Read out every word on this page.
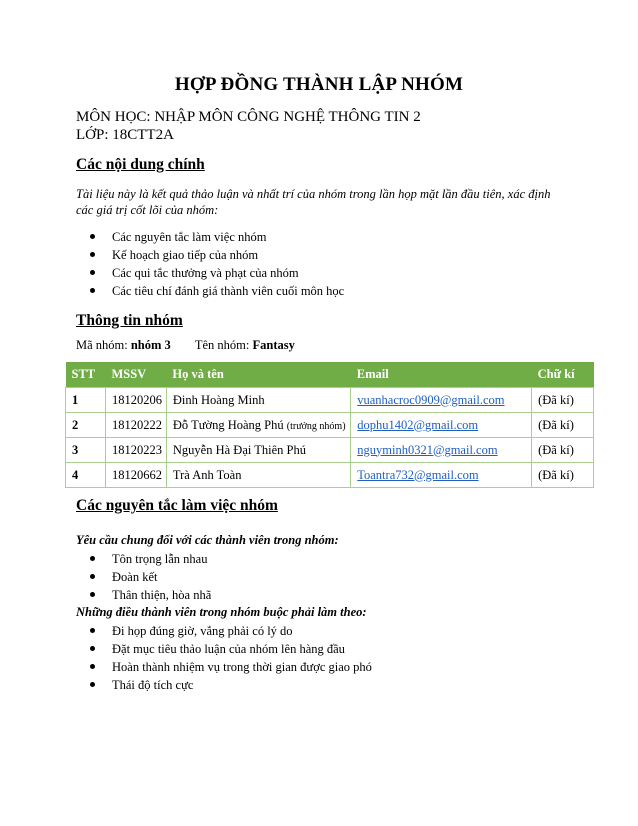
HỢP ĐỒNG THÀNH LẬP NHÓM
MÔN HỌC: NHẬP MÔN CÔNG NGHỆ THÔNG TIN 2
LỚP: 18CTT2A
Các nội dung chính
Tài liệu này là kết quả thảo luận và nhất trí của nhóm trong lần họp mặt lần đầu tiên, xác định
các giá trị cốt lõi của nhóm:
Các nguyên tắc làm việc nhóm
Kế hoạch giao tiếp của nhóm
Các qui tắc thưởng và phạt của nhóm
Các tiêu chí đánh giá thành viên cuối môn học
Thông tin nhóm
Mã nhóm: nhóm 3 Tên nhóm: Fantasy
STT	MSSV	Họ và tên	Email	Chữ kí
1	18120206	Đinh Hoàng Minh	vuanhacroc0909@gmail.com	(Đã kí)
2	18120222	Đỗ Tường Hoàng Phú (trưởng nhóm)	dophu1402@gmail.com	(Đã kí)
3	18120223	Nguyễn Hà Đại Thiên Phú	nguyminh0321@gmail.com	(Đã kí)
4	18120662	Trà Anh Toàn	Toantra732@gmail.com	(Đã kí)
Các nguyên tắc làm việc nhóm
Yêu cầu chung đối với các thành viên trong nhóm:
Tôn trọng lẫn nhau
Đoàn kết
Thân thiện, hòa nhã
Những điều thành viên trong nhóm buộc phải làm theo:
Đi họp đúng giờ, vắng phải có lý do
Đặt mục tiêu thảo luận của nhóm lên hàng đầu
Hoàn thành nhiệm vụ trong thời gian được giao phó
Thái độ tích cực
